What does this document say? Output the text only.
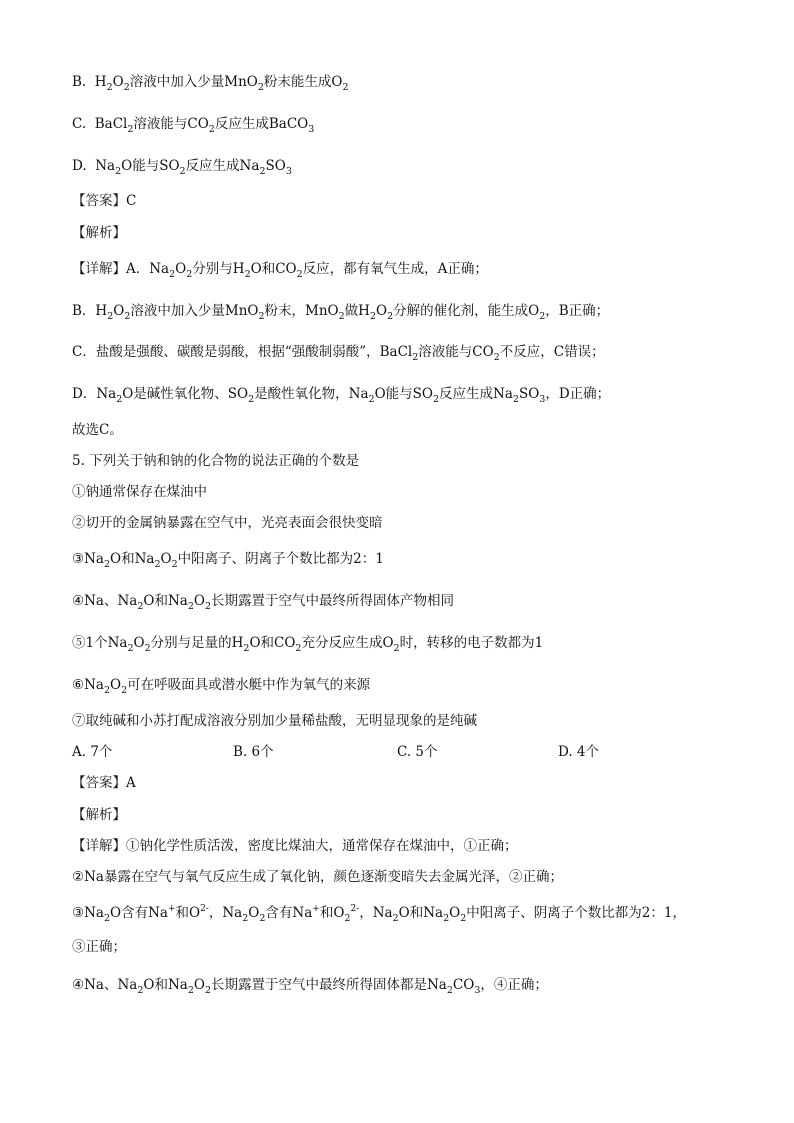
B.  $H_2O_2$溶液中加入少量MnO$_2$粉末能生成$O_2$
C.  BaCl$_2$溶液能与$CO_2$反应生成BaCO$_3$
D.  $Na_2O$能与$SO_2$反应生成$Na_2SO_3$
【答案】C
【解析】
【详解】A．$Na_2O_2$分别与$H_2O$和$CO_2$反应，都有氧气生成，A正确；
B．$H_2O_2$溶液中加入少量MnO$_2$粉末，MnO$_2$做$H_2O_2$分解的催化剂，能生成$O_2$，B正确；
C．盐酸是强酸、碳酸是弱酸，根据“强酸制弱酸”，BaCl$_2$溶液能与$CO_2$不反应，C错误；
D．$Na_2O$是碱性氧化物、$SO_2$是酸性氧化物，$Na_2O$能与$SO_2$反应生成$Na_2SO_3$，D正确；
故选C。
5. 下列关于钠和钠的化合物的说法正确的个数是
①钠通常保存在煤油中
②切开的金属钠暴露在空气中，光亮表面会很快变暗
$③Na_2O$和$Na_2O_2$中阳离子、阴离子个数比都为2：1
④Na、$Na_2O$和$Na_2O_2$长期露置于空气中最终所得固体产物相同
⑤1个$Na_2O_2$分别与足量的$H_2O$和$CO_2$充分反应生成$O_2$时，转移的电子数都为1
$⑥Na_2O_2$可在呼吸面具或潜水艇中作为氧气的来源
⑦取纯碱和小苏打配成溶液分别加少量稀盐酸，无明显现象的是纯碱
A. 7个	B. 6个	C. 5个	D. 4个
【答案】A
【解析】
【详解】①钠化学性质活泼，密度比煤油大，通常保存在煤油中，①正确；
②Na暴露在空气与氧气反应生成了氧化钠，颜色逐渐变暗失去金属光泽，②正确；
$③Na_2O$含有Na+和$O^{2-}$，$Na_2O_2$含有Na+和$O_2^{2-}$，$Na_2O$和$Na_2O_2$中阳离子、阴离子个数比都为2：1，
③正确；
④Na、$Na_2O$和$Na_2O_2$长期露置于空气中最终所得固体都是$Na_2CO_3$，④正确；
